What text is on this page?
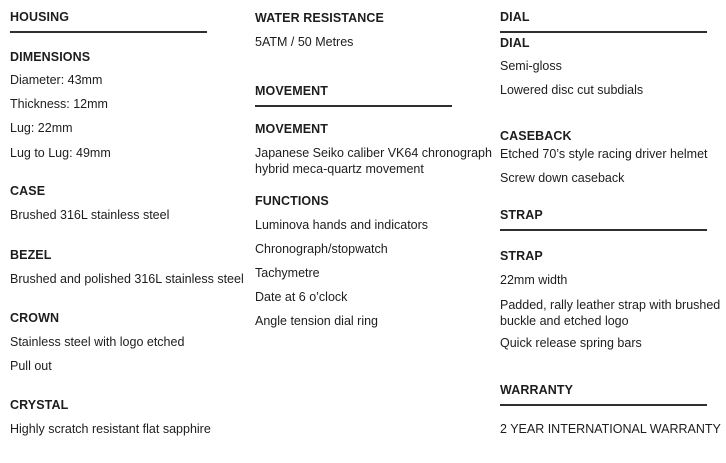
HOUSING
DIMENSIONS
Diameter: 43mm
Thickness: 12mm
Lug: 22mm
Lug to Lug: 49mm
CASE
Brushed 316L stainless steel
BEZEL
Brushed and polished 316L stainless steel
CROWN
Stainless steel with logo etched
Pull out
CRYSTAL
Highly scratch resistant flat sapphire
WATER RESISTANCE
5ATM / 50 Metres
MOVEMENT
MOVEMENT
Japanese Seiko caliber VK64 chronograph
hybrid meca-quartz movement
FUNCTIONS
Luminova hands and indicators
Chronograph/stopwatch
Tachymetre
Date at 6 o’clock
Angle tension dial ring
DIAL
DIAL
Semi-gloss
Lowered disc cut subdials
CASEBACK
Etched 70’s style racing driver helmet
Screw down caseback
STRAP
STRAP
22mm width
Padded, rally leather strap with brushed
buckle and etched logo
Quick release spring bars
WARRANTY
2 YEAR INTERNATIONAL WARRANTY
